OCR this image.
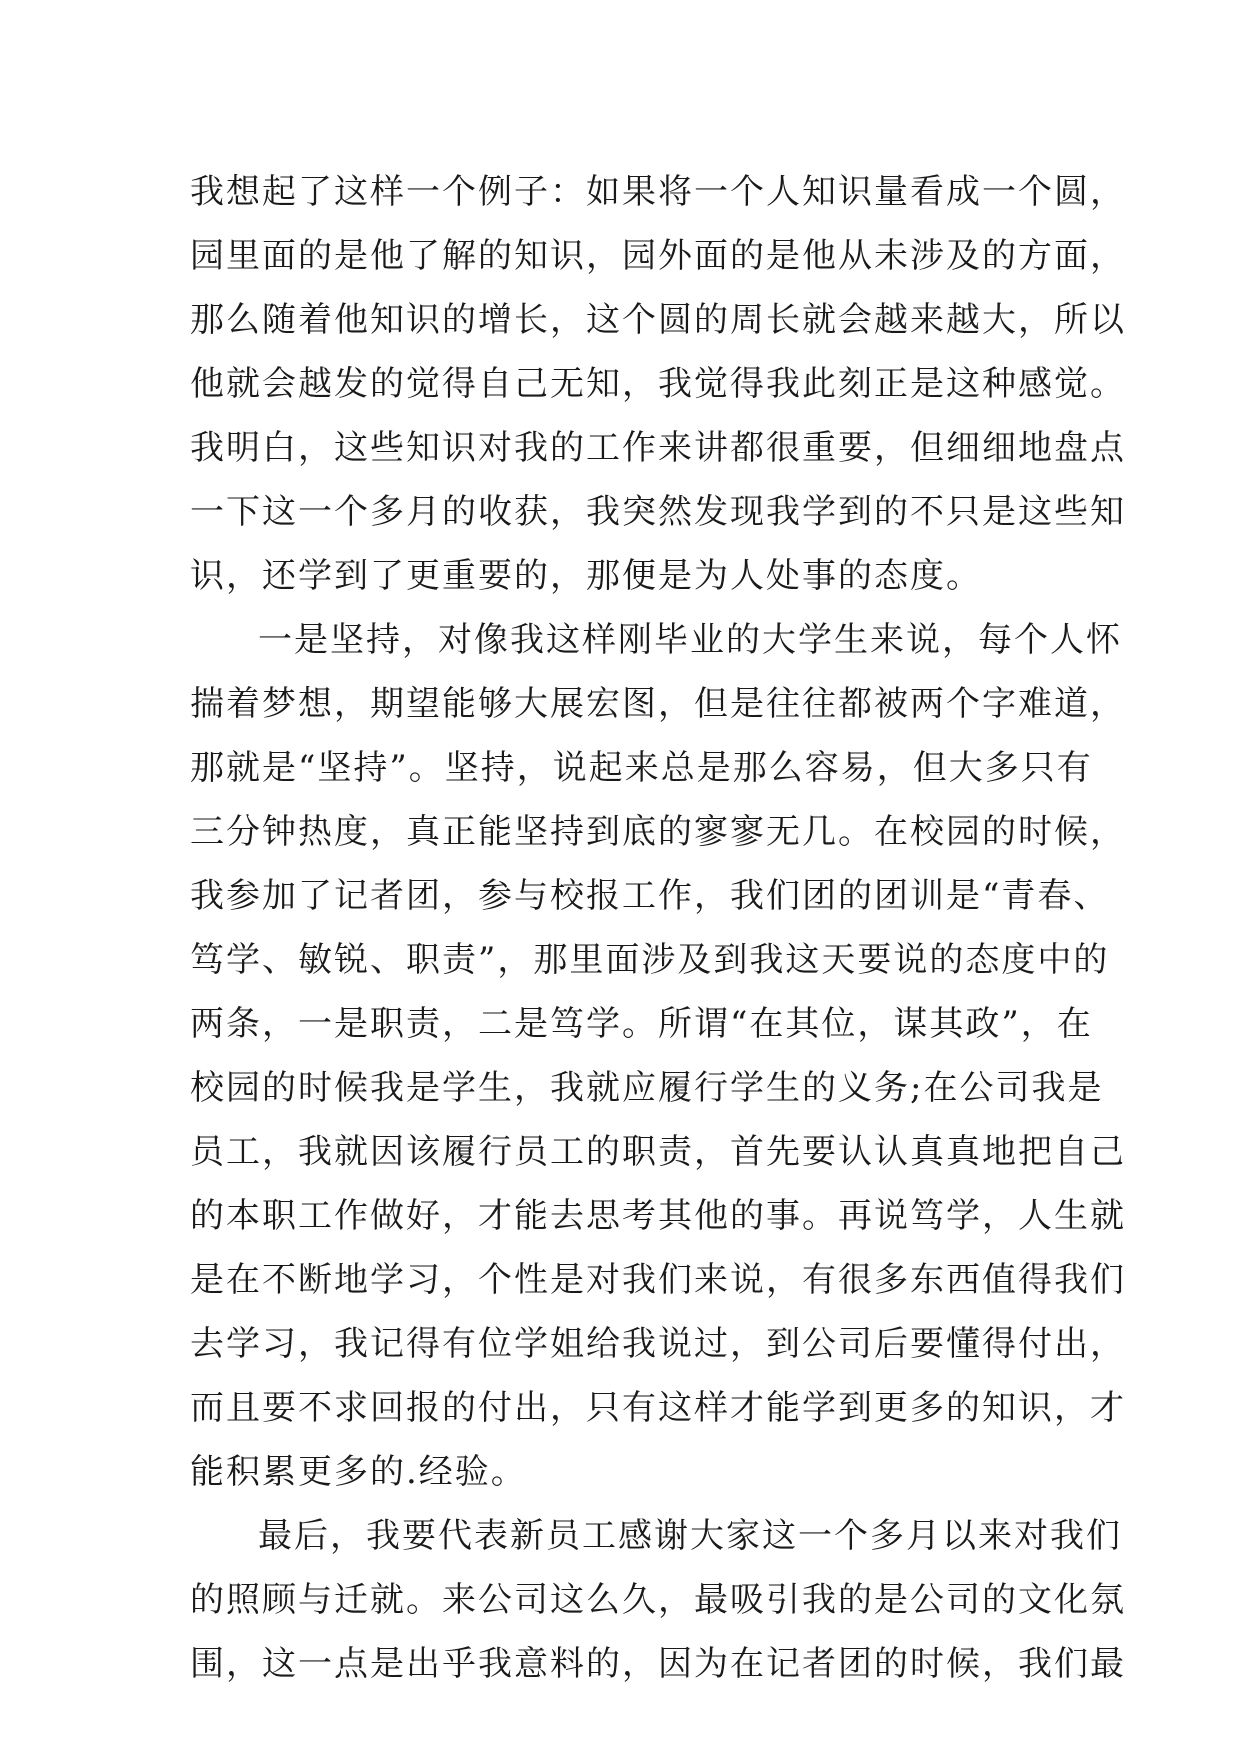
我想起了这样一个例子：如果将一个人知识量看成一个圆，
园里面的是他了解的知识，园外面的是他从未涉及的方面，
那么随着他知识的增长，这个圆的周长就会越来越大，所以
他就会越发的觉得自己无知，我觉得我此刻正是这种感觉。
我明白，这些知识对我的工作来讲都很重要，但细细地盘点
一下这一个多月的收获，我突然发现我学到的不只是这些知
识，还学到了更重要的，那便是为人处事的态度。

一是坚持，对像我这样刚毕业的大学生来说，每个人怀
揣着梦想，期望能够大展宏图，但是往往都被两个字难道，
那就是“坚持”。坚持，说起来总是那么容易，但大多只有
三分钟热度，真正能坚持到底的寥寥无几。在校园的时候，
我参加了记者团，参与校报工作，我们团的团训是“青春、
笃学、敏锐、职责”，那里面涉及到我这天要说的态度中的
两条，一是职责，二是笃学。所谓“在其位，谋其政”，在
校园的时候我是学生，我就应履行学生的义务;在公司我是
员工，我就因该履行员工的职责，首先要认认真真地把自己
的本职工作做好，才能去思考其他的事。再说笃学，人生就
是在不断地学习，个性是对我们来说，有很多东西值得我们
去学习，我记得有位学姐给我说过，到公司后要懂得付出，
而且要不求回报的付出，只有这样才能学到更多的知识，才
能积累更多的.经验。

最后，我要代表新员工感谢大家这一个多月以来对我们
的照顾与迁就。来公司这么久，最吸引我的是公司的文化氛
围，这一点是出乎我意料的，因为在记者团的时候，我们最
